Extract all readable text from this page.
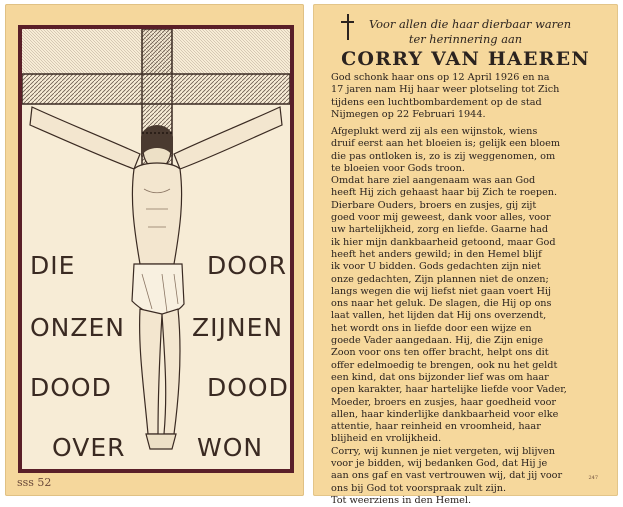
DIE	DOOR
ONZEN	ZIJNEN
DOOD	DOOD
OVER	WON
sss 52
Voor allen die haar dierbaar waren
ter herinnering aan
CORRY VAN HAEREN
God schonk haar ons op 12 April 1926 en na
17 jaren nam Hij haar weer plotseling tot Zich
tijdens een luchtbombardement op de stad
Nijmegen op 22 Februari 1944.
Afgeplukt werd zij als een wijnstok, wiens
druif eerst aan het bloeien is; gelijk een bloem
die pas ontloken is, zo is zij weggenomen, om
te bloeien voor Gods troon.
Omdat hare ziel aangenaam was aan God
heeft Hij zich gehaast haar bij Zich te roepen.
Dierbare Ouders, broers en zusjes, gij zijt
goed voor mij geweest, dank voor alles, voor
uw hartelijkheid, zorg en liefde. Gaarne had
ik hier mijn dankbaarheid getoond, maar God
heeft het anders gewild; in den Hemel blijf
ik voor U bidden. Gods gedachten zijn niet
onze gedachten, Zijn plannen niet de onzen;
langs wegen die wij liefst niet gaan voert Hij
ons naar het geluk. De slagen, die Hij op ons
laat vallen, het lijden dat Hij ons overzendt,
het wordt ons in liefde door een wijze en
goede Vader aangedaan. Hij, die Zijn enige
Zoon voor ons ten offer bracht, helpt ons dit
offer edelmoedig te brengen, ook nu het geldt
een kind, dat ons bijzonder lief was om haar
open karakter, haar hartelijke liefde voor Vader,
Moeder, broers en zusjes, haar goedheid voor
allen, haar kinderlijke dankbaarheid voor elke
attentie, haar reinheid en vroomheid, haar
blijheid en vrolijkheid.
Corry, wij kunnen je niet vergeten, wij blijven
voor je bidden, wij bedanken God, dat Hij je
aan ons gaf en vast vertrouwen wij, dat jij voor
ons bij God tot voorspraak zult zijn.
Tot weerziens in den Hemel.
247
